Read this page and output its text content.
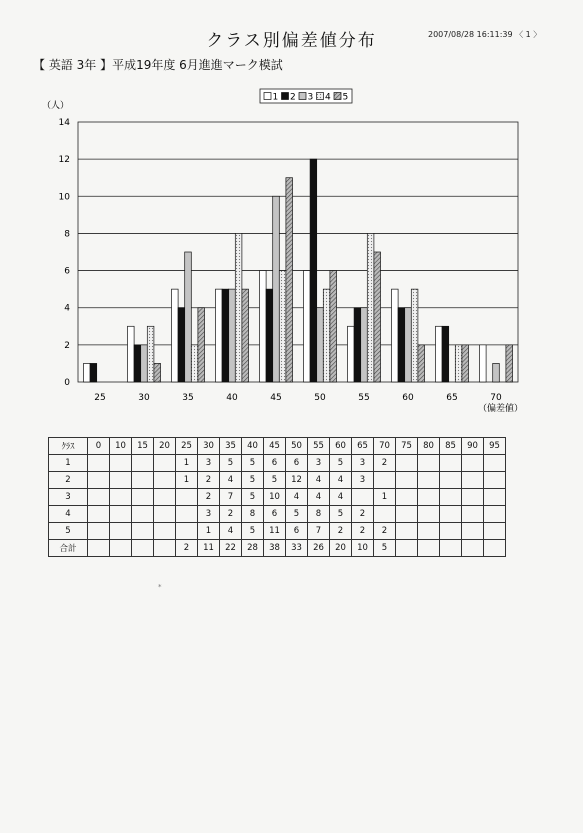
クラス別偏差値分布	2007/08/28 16:11:39 〈 1 〉
【 英語 3年 】平成19年度 6月進進マーク模試
（人）
0
2
4
6
8
10
12
14
25	30	35	40	45	50	55	60	65	70
（偏差値）
1 2 3 4 5
ｸﾗｽ	0	10	15	20	25	30	35	40	45	50	55	60	65	70	75	80	85	90	95
1					1	3	5	5	6	6	3	5	3	2					
2					1	2	4	5	5	12	4	4	3						
3						2	7	5	10	4	4	4		1					
4						3	2	8	6	5	8	5	2						
5						1	4	5	11	6	7	2	2	2					
合計					2	11	22	28	38	33	26	20	10	5					
*
